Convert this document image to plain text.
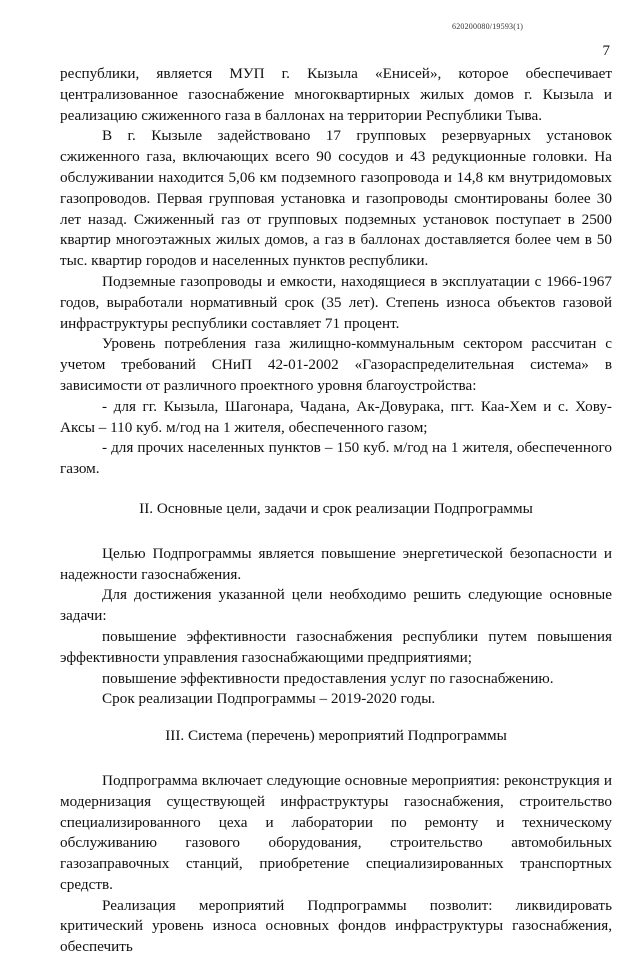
620200080/19593(1)
7

республики, является МУП г. Кызыла «Енисей», которое обеспечивает централизованное газоснабжение многоквартирных жилых домов г. Кызыла и реализацию сжиженного газа в баллонах на территории Республики Тыва.

В г. Кызыле задействовано 17 групповых резервуарных установок сжиженного газа, включающих всего 90 сосудов и 43 редукционные головки. На обслуживании находится 5,06 км подземного газопровода и 14,8 км внутридомовых газопроводов. Первая групповая установка и газопроводы смонтированы более 30 лет назад. Сжиженный газ от групповых подземных установок поступает в 2500 квартир многоэтажных жилых домов, а газ в баллонах доставляется более чем в 50 тыс. квартир городов и населенных пунктов республики.

Подземные газопроводы и емкости, находящиеся в эксплуатации с 1966-1967 годов, выработали нормативный срок (35 лет). Степень износа объектов газовой инфраструктуры республики составляет 71 процент.

Уровень потребления газа жилищно-коммунальным сектором рассчитан с учетом требований СНиП 42-01-2002 «Газораспределительная система» в зависимости от различного проектного уровня благоустройства:

- для гг. Кызыла, Шагонара, Чадана, Ак-Довурака, пгт. Каа-Хем и с. Хову-Аксы – 110 куб. м/год на 1 жителя, обеспеченного газом;

- для прочих населенных пунктов – 150 куб. м/год на 1 жителя, обеспеченного газом.

II. Основные цели, задачи и срок реализации Подпрограммы

Целью Подпрограммы является повышение энергетической безопасности и надежности газоснабжения.

Для достижения указанной цели необходимо решить следующие основные задачи:

повышение эффективности газоснабжения республики путем повышения эффективности управления газоснабжающими предприятиями;

повышение эффективности предоставления услуг по газоснабжению.

Срок реализации Подпрограммы – 2019-2020 годы.

III. Система (перечень) мероприятий Подпрограммы

Подпрограмма включает следующие основные мероприятия: реконструкция и модернизация существующей инфраструктуры газоснабжения, строительство специализированного цеха и лаборатории по ремонту и техническому обслуживанию газового оборудования, строительство автомобильных газозаправочных станций, приобретение специализированных транспортных средств.

Реализация мероприятий Подпрограммы позволит: ликвидировать критический уровень износа основных фондов инфраструктуры газоснабжения, обеспечить
